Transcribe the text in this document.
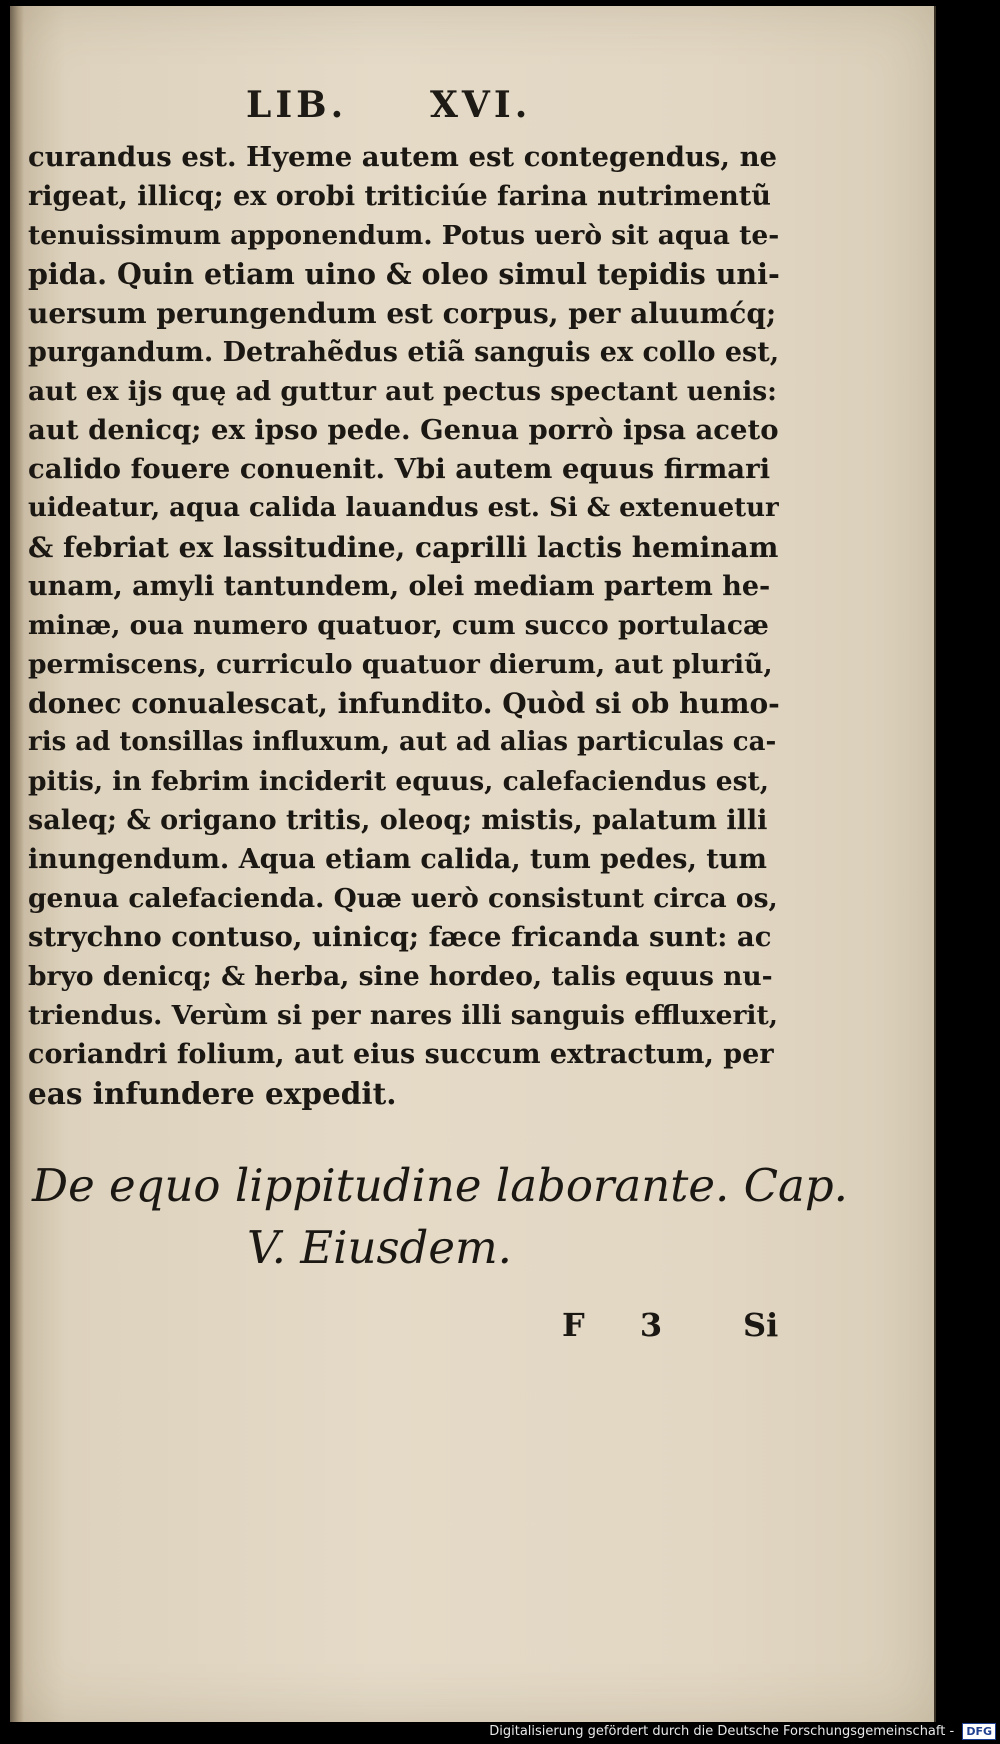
LIB. XVI.
curandus est. Hyeme autem est contegendus, ne
rigeat, illicq; ex orobi triticiúe farina nutrimentũ
tenuissimum apponendum. Potus uerò sit aqua te-
pida. Quin etiam uino & oleo simul tepidis uni-
uersum perungendum est corpus, per aluumćq;
purgandum. Detrahẽdus etiã sanguis ex collo est,
aut ex ijs quę ad guttur aut pectus spectant uenis:
aut denicq; ex ipso pede. Genua porrò ipsa aceto
calido fouere conuenit. Vbi autem equus firmari
uideatur, aqua calida lauandus est. Si & extenuetur
& febriat ex lassitudine, caprilli lactis heminam
unam, amyli tantundem, olei mediam partem he-
minæ, oua numero quatuor, cum succo portulacæ
permiscens, curriculo quatuor dierum, aut pluriũ,
donec conualescat, infundito. Quòd si ob humo-
ris ad tonsillas influxum, aut ad alias particulas ca-
pitis, in febrim inciderit equus, calefaciendus est,
saleq; & origano tritis, oleoq; mistis, palatum illi
inungendum. Aqua etiam calida, tum pedes, tum
genua calefacienda. Quæ uerò consistunt circa os,
strychno contuso, uinicq; fæce fricanda sunt: ac
bryo denicq; & herba, sine hordeo, talis equus nu-
triendus. Verùm si per nares illi sanguis effluxerit,
coriandri folium, aut eius succum extractum, per
eas infundere expedit.
De equo lippitudine laborante. Cap.
V. Eiusdem.
F 3 Si
Digitalisierung gefördert durch die Deutsche Forschungsgemeinschaft - DFG
